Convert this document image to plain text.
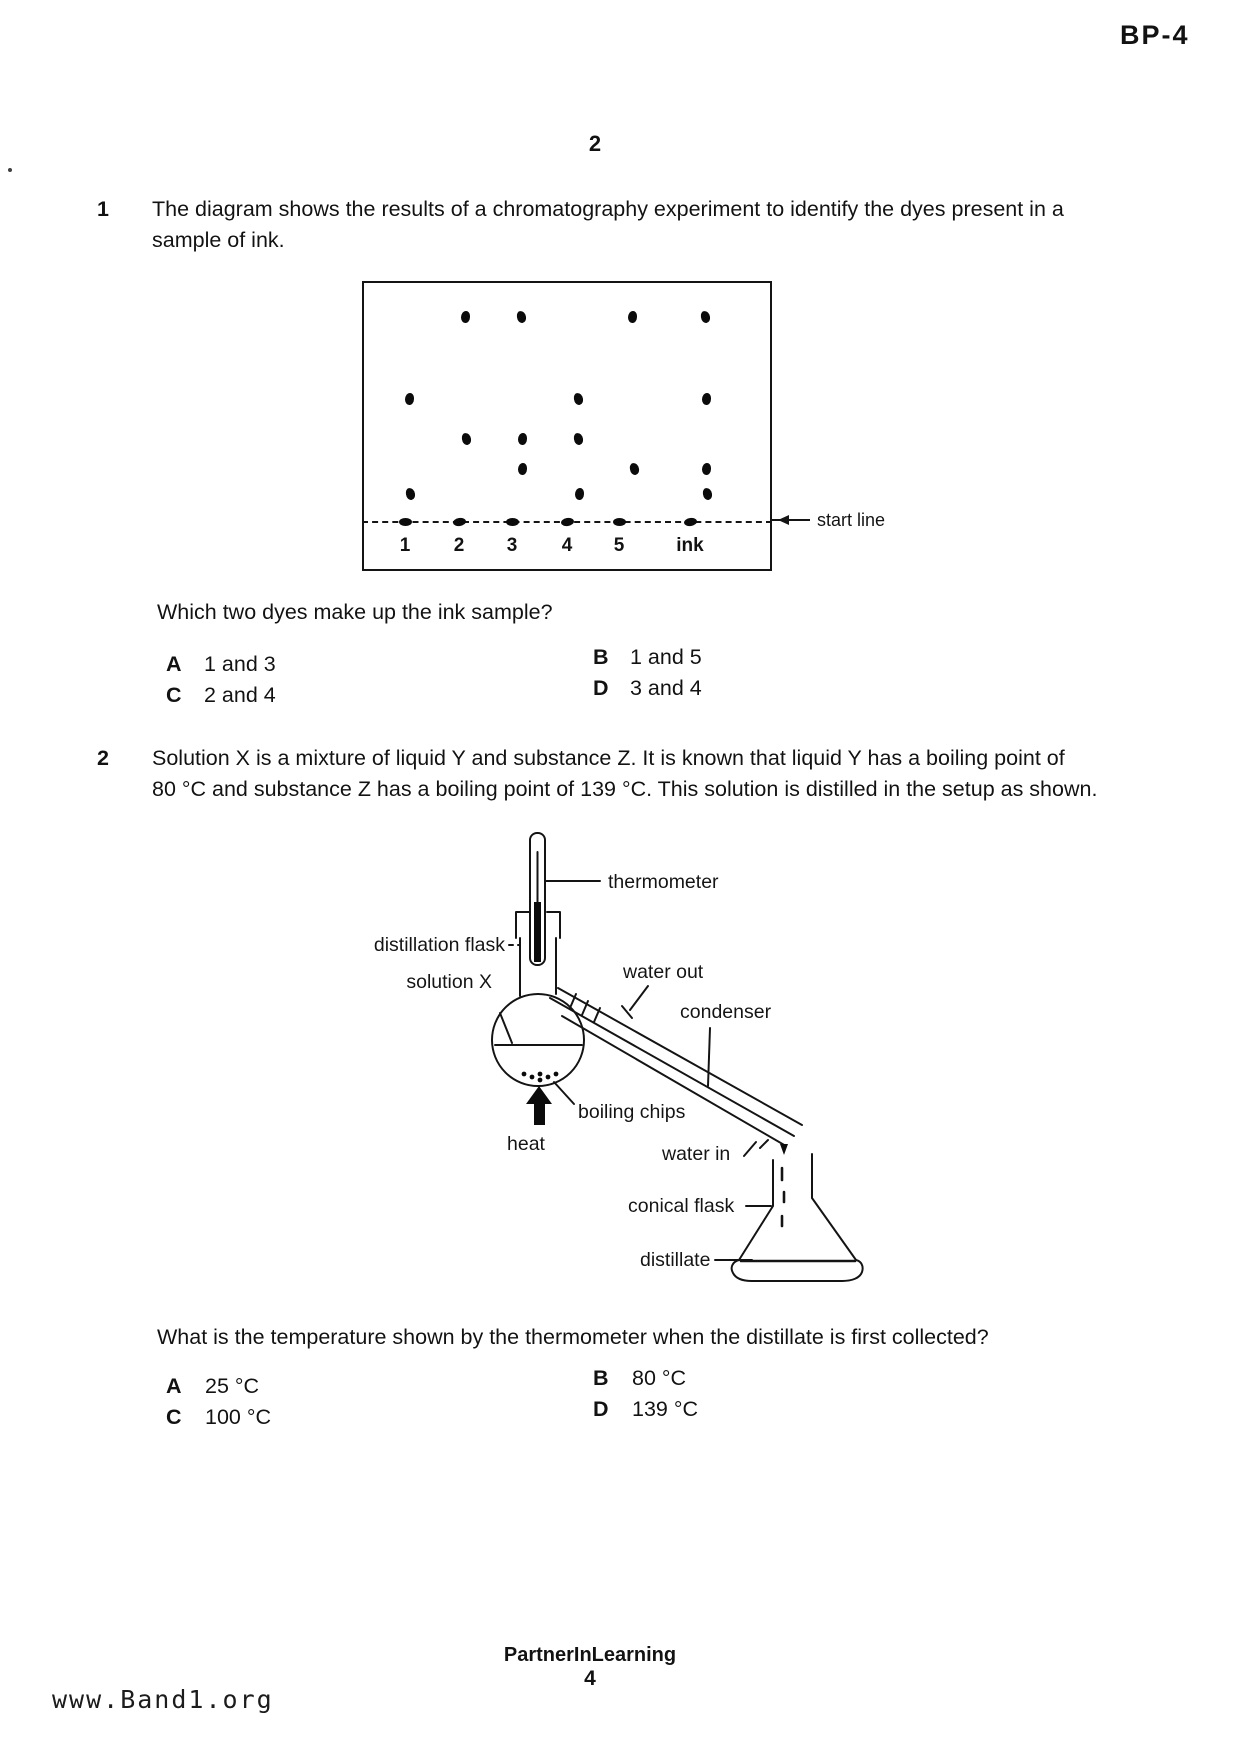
BP-4
2
1 The diagram shows the results of a chromatography experiment to identify the dyes present in a
sample of ink.
1	2	3	4	5	ink
start line
Which two dyes make up the ink sample?
A 1 and 3	B 1 and 5
C 2 and 4	D 3 and 4
2 Solution X is a mixture of liquid Y and substance Z. It is known that liquid Y has a boiling point of
80 °C and substance Z has a boiling point of 139 °C. This solution is distilled in the setup as shown.
thermometer
distillation flask
solution X
boiling chips
heat
water out
condenser
water in
conical flask
distillate
What is the temperature shown by the thermometer when the distillate is first collected?
A 25 °C	B 80 °C
C 100 °C	D 139 °C
PartnerInLearning
4
www.Band1.org
